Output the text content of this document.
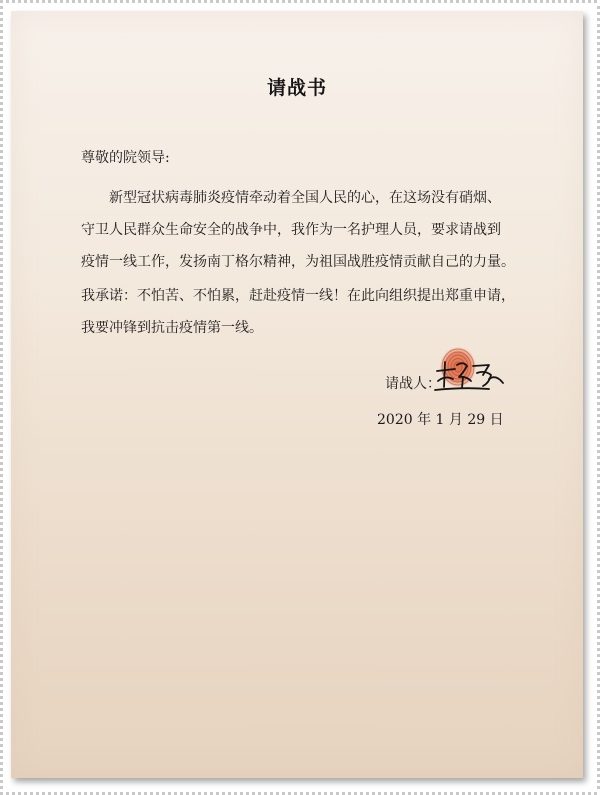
请战书
尊敬的院领导:
新型冠状病毒肺炎疫情牵动着全国人民的心，在这场没有硝烟、
守卫人民群众生命安全的战争中，我作为一名护理人员，要求请战到
疫情一线工作，发扬南丁格尔精神，为祖国战胜疫情贡献自己的力量。
我承诺：不怕苦、不怕累，赶赴疫情一线！在此向组织提出郑重申请，
我要冲锋到抗击疫情第一线。
请战人：
2020 年 1 月 29 日
